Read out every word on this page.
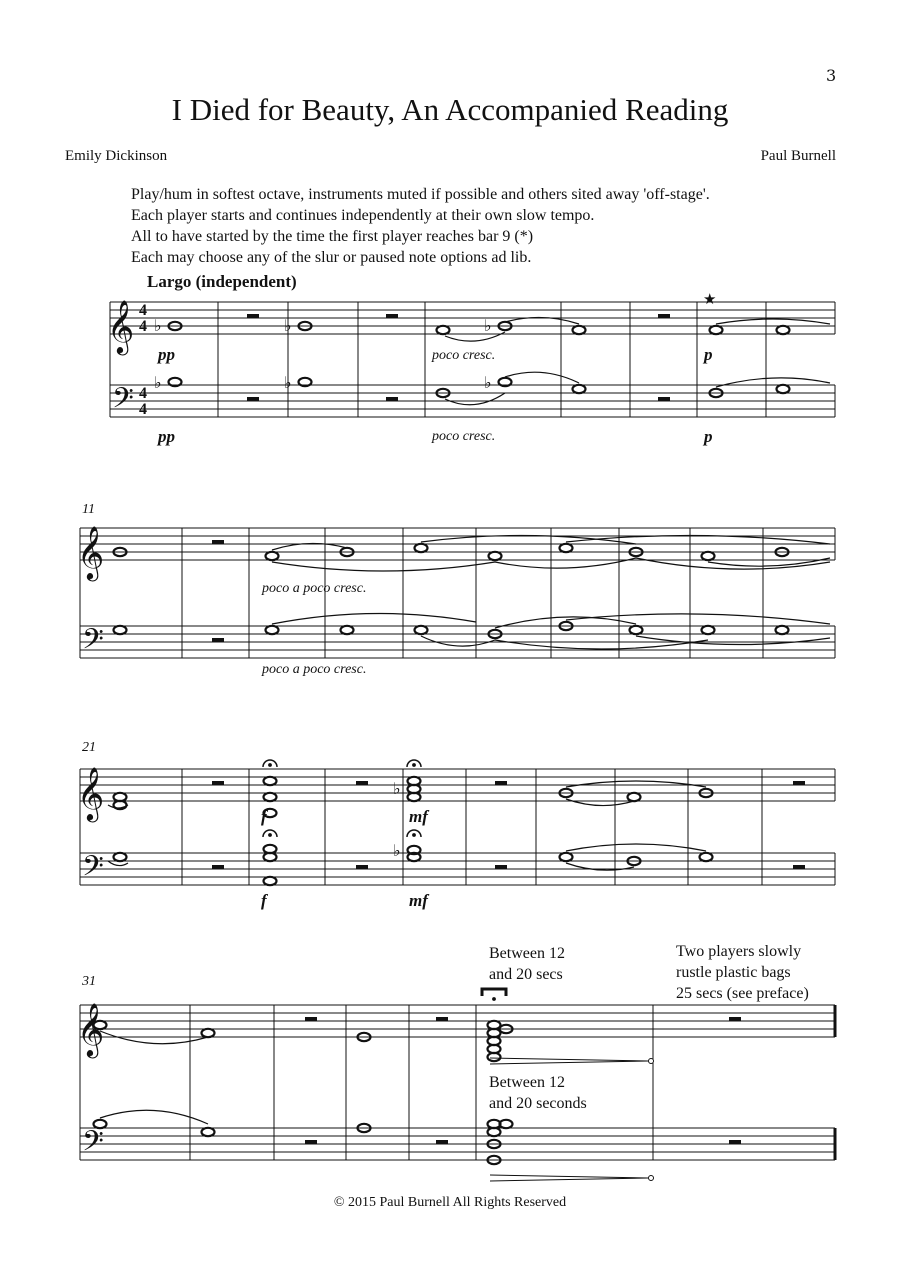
3
I Died for Beauty, An Accompanied Reading
Emily Dickinson	Paul Burnell
Play/hum in softest octave, instruments muted if possible and others sited away 'off-stage'.
Each player starts and continues independently at their own slow tempo.
All to have started by the time the first player reaches bar 9 (*)
Each may choose any of the slur or paused note options ad lib.
Largo (independent)
𝄞
𝄢
4
4
4
4
♭	♭	♭
♭	♭	♭
𝄞
𝄢
𝄞
𝄢
♭
♭
𝄞
𝄢
pp
pp
p
p
poco cresc.
poco cresc.
★
11
poco a poco cresc.
poco a poco cresc.
21
f	mf
f	mf
31
Between 12
and 20 secs
Between 12
and 20 seconds
Two players slowly
rustle plastic bags
25 secs (see preface)
© 2015 Paul Burnell All Rights Reserved
